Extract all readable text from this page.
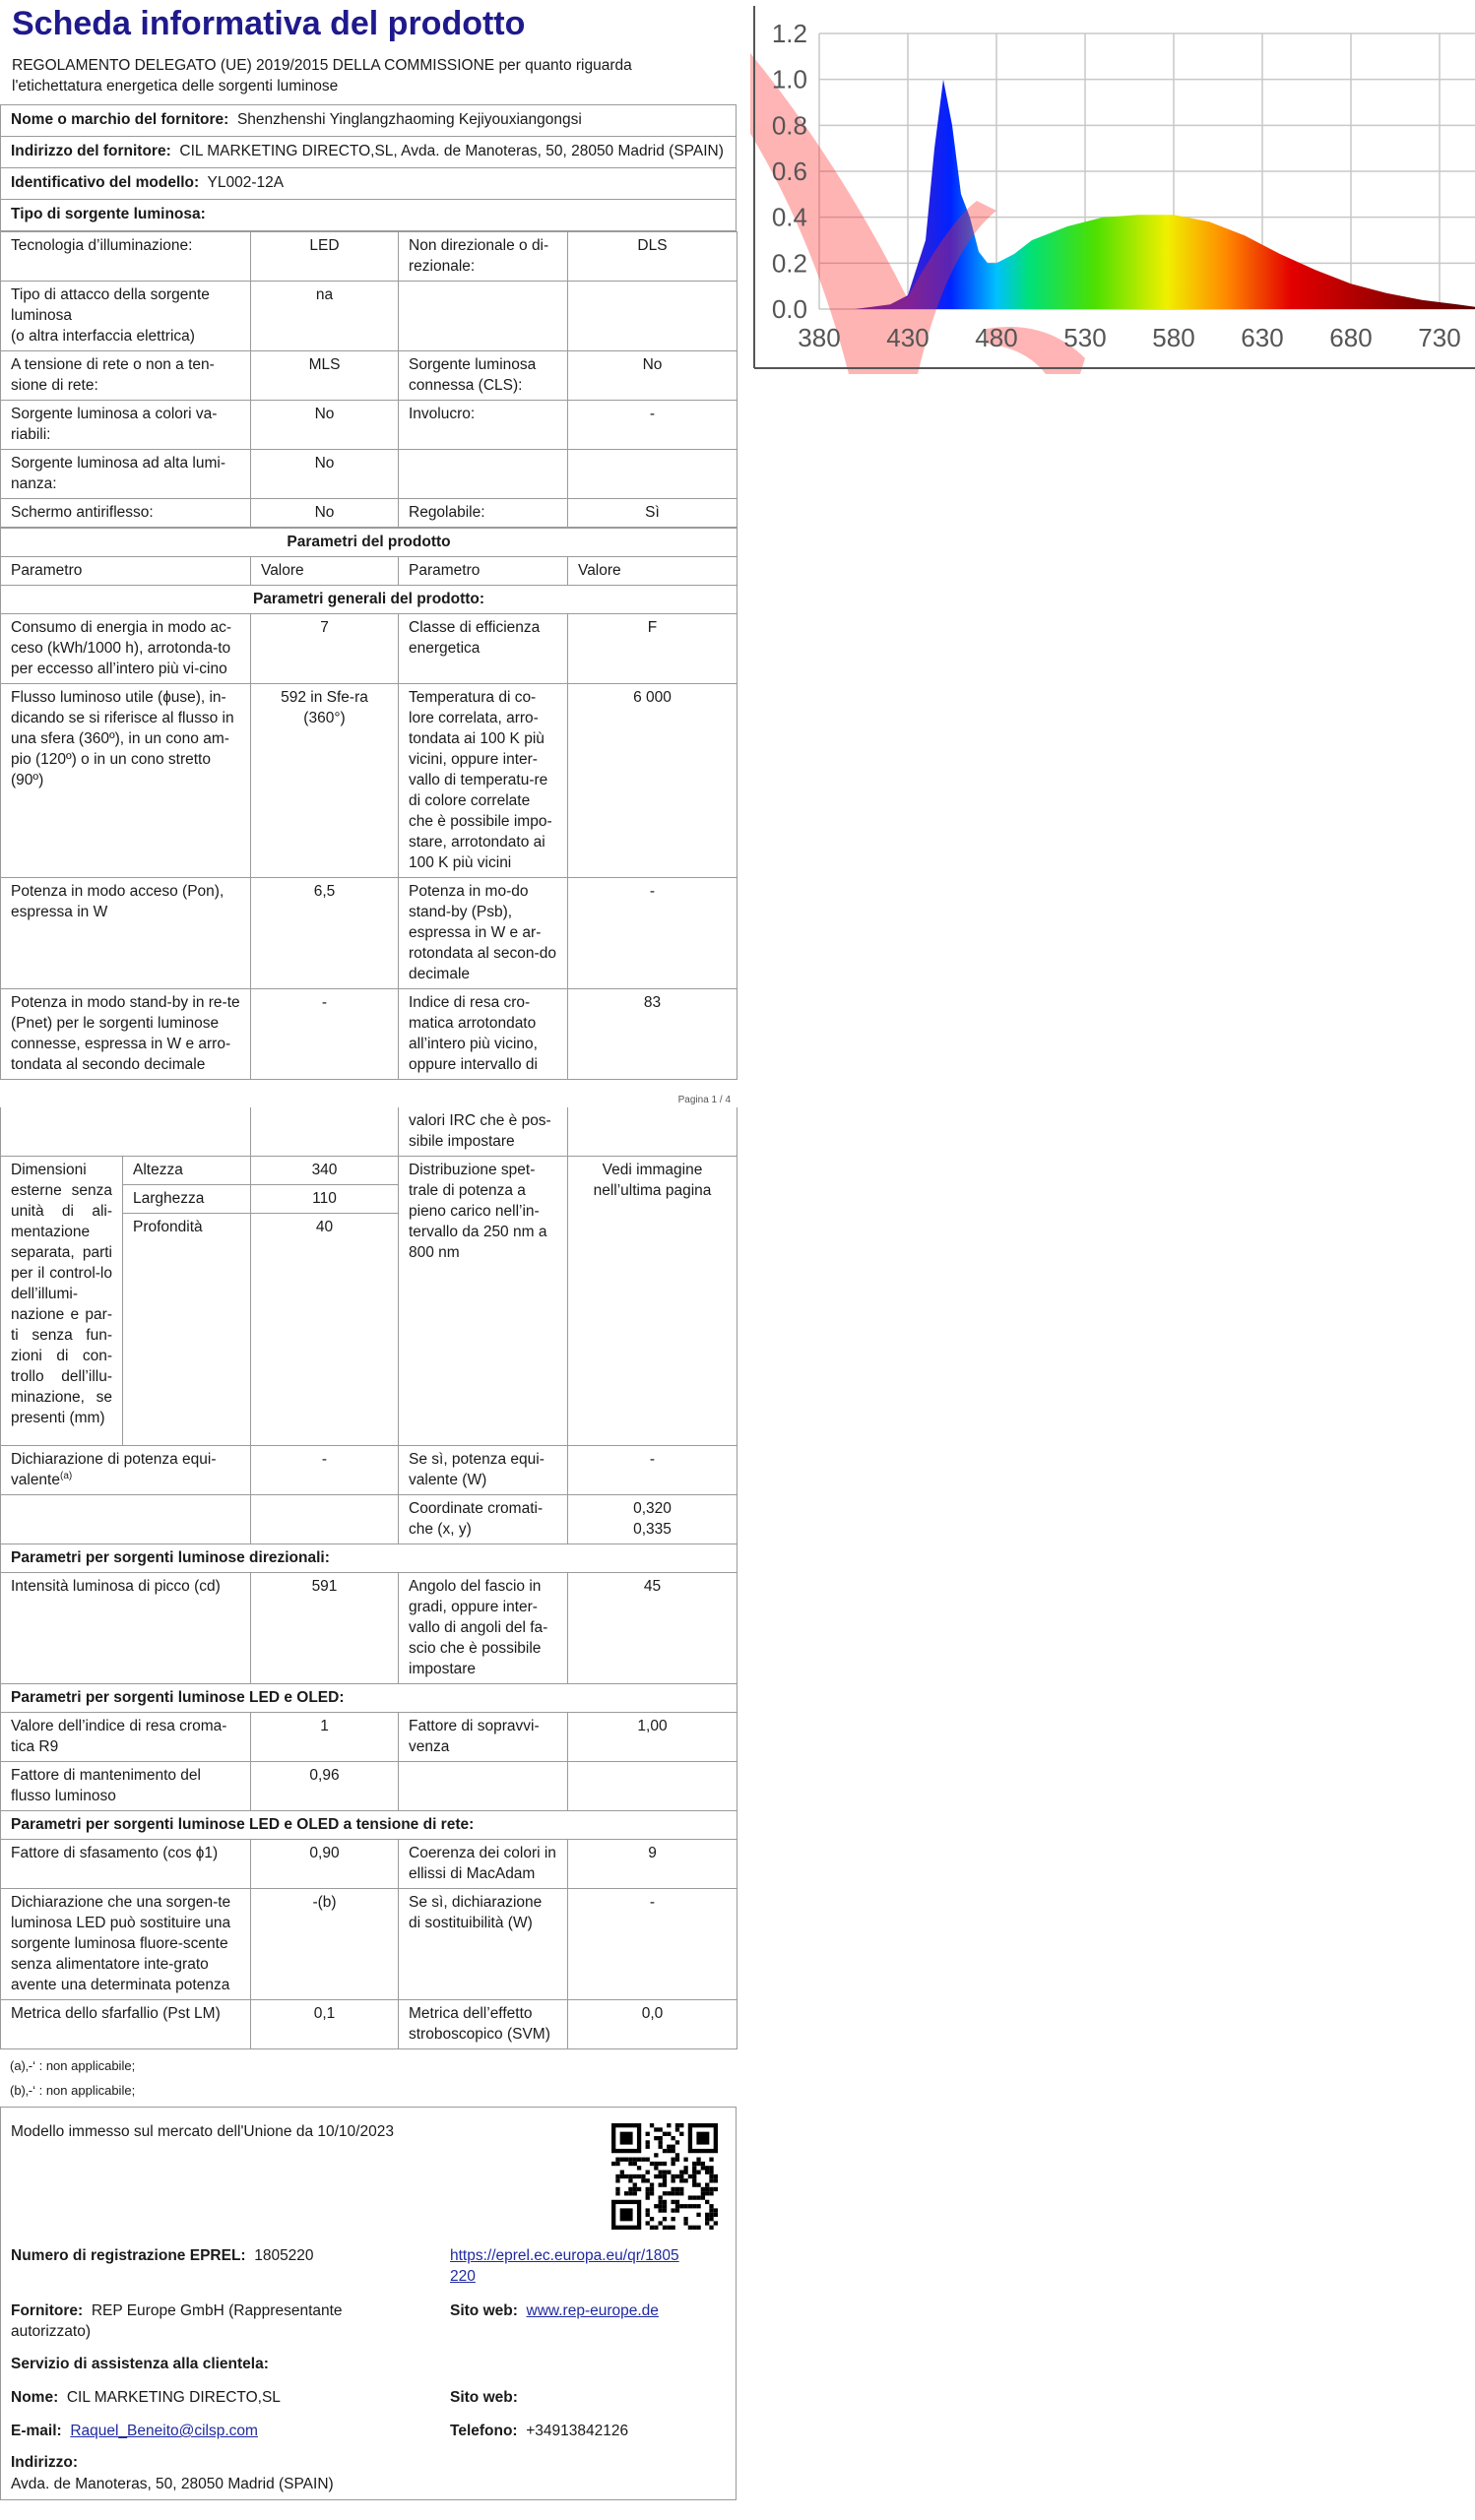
0.0
0.2
0.4
0.6
0.8
1.0
1.2
380 430 480 530 580 630 680 730
Scheda informativa del prodotto
REGOLAMENTO DELEGATO (UE) 2019/2015 DELLA COMMISSIONE per quanto riguarda l'etichettatura energetica delle sorgenti luminose
Nome o marchio del fornitore: Shenzhenshi Yinglangzhaoming Kejiyouxiangongsi
Indirizzo del fornitore: CIL MARKETING DIRECTO,SL, Avda. de Manoteras, 50, 28050 Madrid (SPAIN)
Identificativo del modello: YL002-12A
Tipo di sorgente luminosa:
Tecnologia d’illuminazione:	LED	Non direzionale o di-rezionale:	DLS
Tipo di attacco della sorgente luminosa
(o altra interfaccia elettrica)	na		
A tensione di rete o non a ten-sione di rete:	MLS	Sorgente luminosa connessa (CLS):	No
Sorgente luminosa a colori va-riabili:	No	Involucro:	-
Sorgente luminosa ad alta lumi-nanza:	No		
Schermo antiriflesso:	No	Regolabile:	Sì
Parametri del prodotto			
Parametro	Valore	Parametro	Valore
Parametri generali del prodotto:			
Consumo di energia in modo ac-ceso (kWh/1000 h), arrotonda-to per eccesso all’intero più vi-cino	7	Classe di efficienza energetica	F
Flusso luminoso utile (ɸuse), in-dicando se si riferisce al flusso in una sfera (360º), in un cono am-pio (120º) o in un cono stretto (90º)	592 in Sfe-ra (360°)	Temperatura di co-lore correlata, arro-tondata ai 100 K più vicini, oppure inter-vallo di temperatu-re di colore correlate che è possibile impo-stare, arrotondato ai 100 K più vicini	6 000
Potenza in modo acceso (Pon), espressa in W	6,5	Potenza in mo-do stand-by (Psb), espressa in W e ar-rotondata al secon-do decimale	-
Potenza in modo stand-by in re-te (Pnet) per le sorgenti luminose connesse, espressa in W e arro-tondata al secondo decimale	-	Indice di resa cro-matica arrotondato all’intero più vicino, oppure intervallo di	83
Pagina 1 / 4
			valori IRC che è pos-sibile impostare	
Dimensioni esterne senza unità di ali-mentazione separata, parti per il control-lo dell’illumi-nazione e par-ti senza fun-zioni di con-trollo dell’illu-minazione, se presenti (mm)	Altezza	340	Distribuzione spet-trale di potenza a pieno carico nell’in-tervallo da 250 nm a 800 nm	Vedi immagine nell’ultima pagina
	Larghezza	110		
	Profondità	40		
Dichiarazione di potenza equi-valente$^{(a)}$		-	Se sì, potenza equi-valente (W)	-
			Coordinate cromati-che (x, y)	0,320
0,335

Parametri per sorgenti luminose direzionali:				
Intensità luminosa di picco (cd)		591	Angolo del fascio in gradi, oppure inter-vallo di angoli del fa-scio che è possibile impostare	45
Parametri per sorgenti luminose LED e OLED:				
Valore dell’indice di resa croma-tica R9		1	Fattore di sopravvi-venza	1,00
Fattore di mantenimento del flusso luminoso		0,96		
Parametri per sorgenti luminose LED e OLED a tensione di rete:				
Fattore di sfasamento (cos ɸ1)		0,90	Coerenza dei colori in ellissi di MacAdam	9
Dichiarazione che una sorgen-te luminosa LED può sostituire una sorgente luminosa fluore-scente senza alimentatore inte-grato avente una determinata potenza		-(b)	Se sì, dichiarazione di sostituibilità (W)	-
Metrica dello sfarfallio (Pst LM)		0,1	Metrica dell’effetto stroboscopico (SVM)	0,0
(a)‚-‘ : non applicabile;
(b)‚-‘ : non applicabile;
Modello immesso sul mercato dell'Unione da 10/10/2023
Numero di registrazione EPREL: 1805220	https://eprel.ec.europa.eu/qr/1805220
Fornitore: REP Europe GmbH (Rappresentante autorizzato)
Sito web: www.rep-europe.de
Servizio di assistenza alla clientela:
Nome: CIL MARKETING DIRECTO,SL	Sito web:
E-mail: Raquel_Beneito@cilsp.com	Telefono: +34913842126
Indirizzo:
Avda. de Manoteras, 50, 28050 Madrid (SPAIN)
